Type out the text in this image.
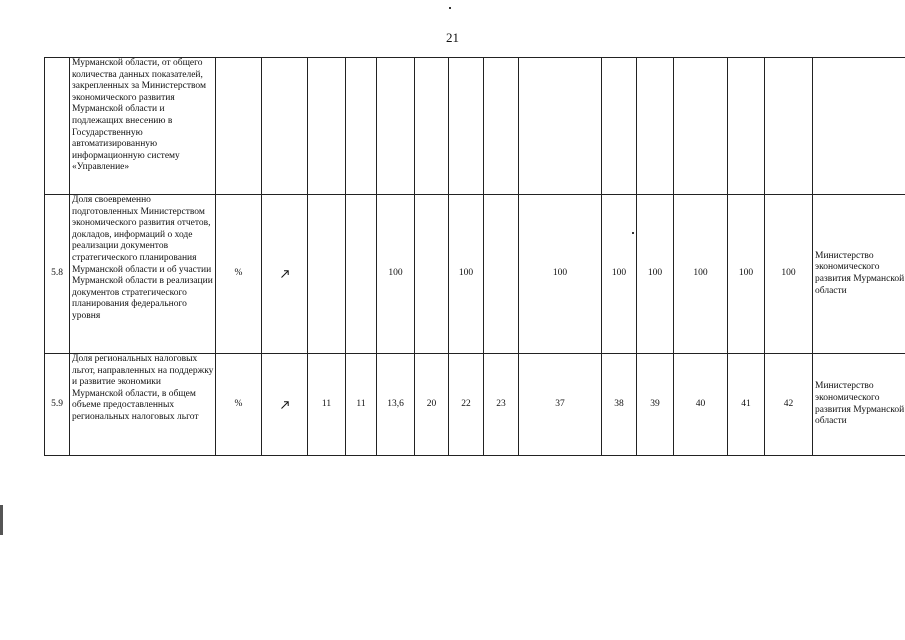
21
	Мурманской области, от общего количества данных показателей, закрепленных за Министерством экономического развития Мурманской области и подлежащих внесению в Государственную автоматизированную информационную систему «Управление»															
5.8	Доля своевременно подготовленных Министерством экономического развития отчетов, докладов, информаций о ходе реализации документов стратегического планирования Мурманской области и об участии Мурманской области в реализации документов стратегического планирования федерального уровня	%				100		100		100	100	100	100	100	100	Министерство экономического развития Мурманской области
5.9	Доля региональных налоговых льгот, направленных на поддержку и развитие экономики Мурманской области, в общем объеме предоставленных региональных налоговых льгот	%		11	11	13,6	20	22	23	37	38	39	40	41	42	Министерство экономического развития Мурманской области
